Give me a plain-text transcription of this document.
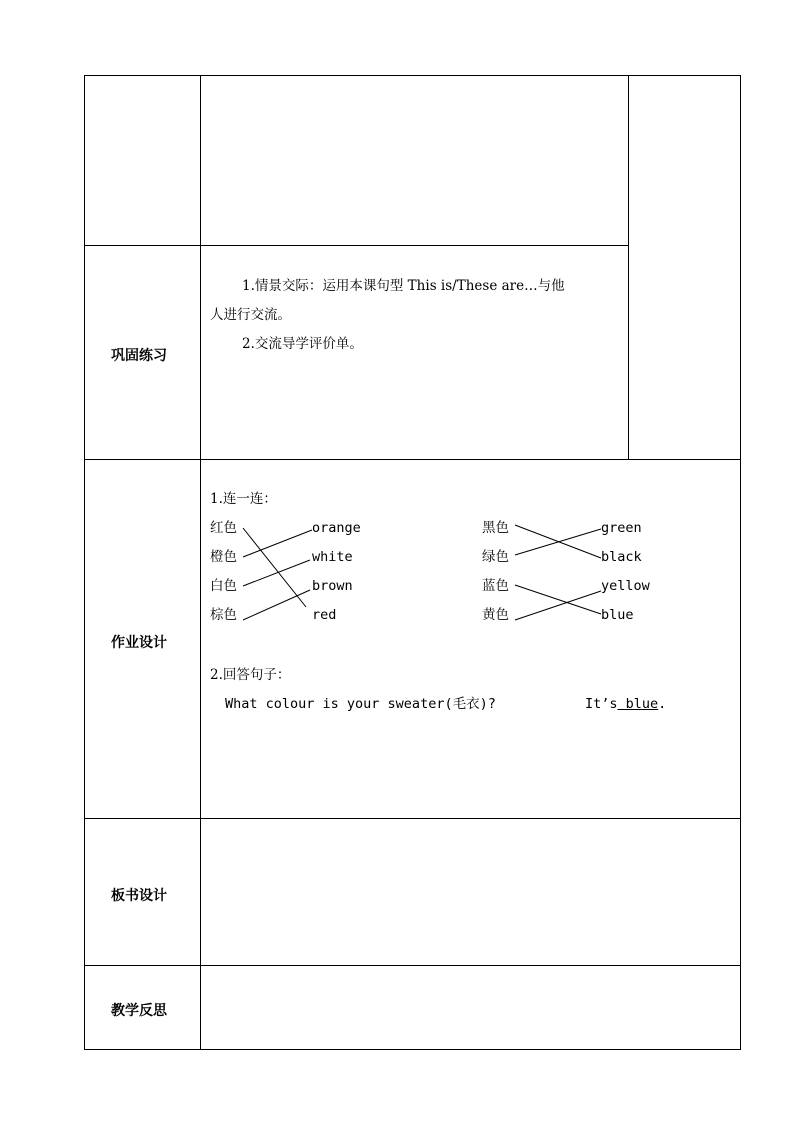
巩固练习
1.情景交际：运用本课句型 This is/These are…与他
人进行交流。
2.交流导学评价单。
作业设计
1.连一连：
红色
橙色
白色
棕色
orange
white
brown
red
黑色
绿色
蓝色
黄色
green
black
yellow
blue
2.回答句子：
What colour is your sweater(毛衣)?	It’s blue.
板书设计
教学反思
